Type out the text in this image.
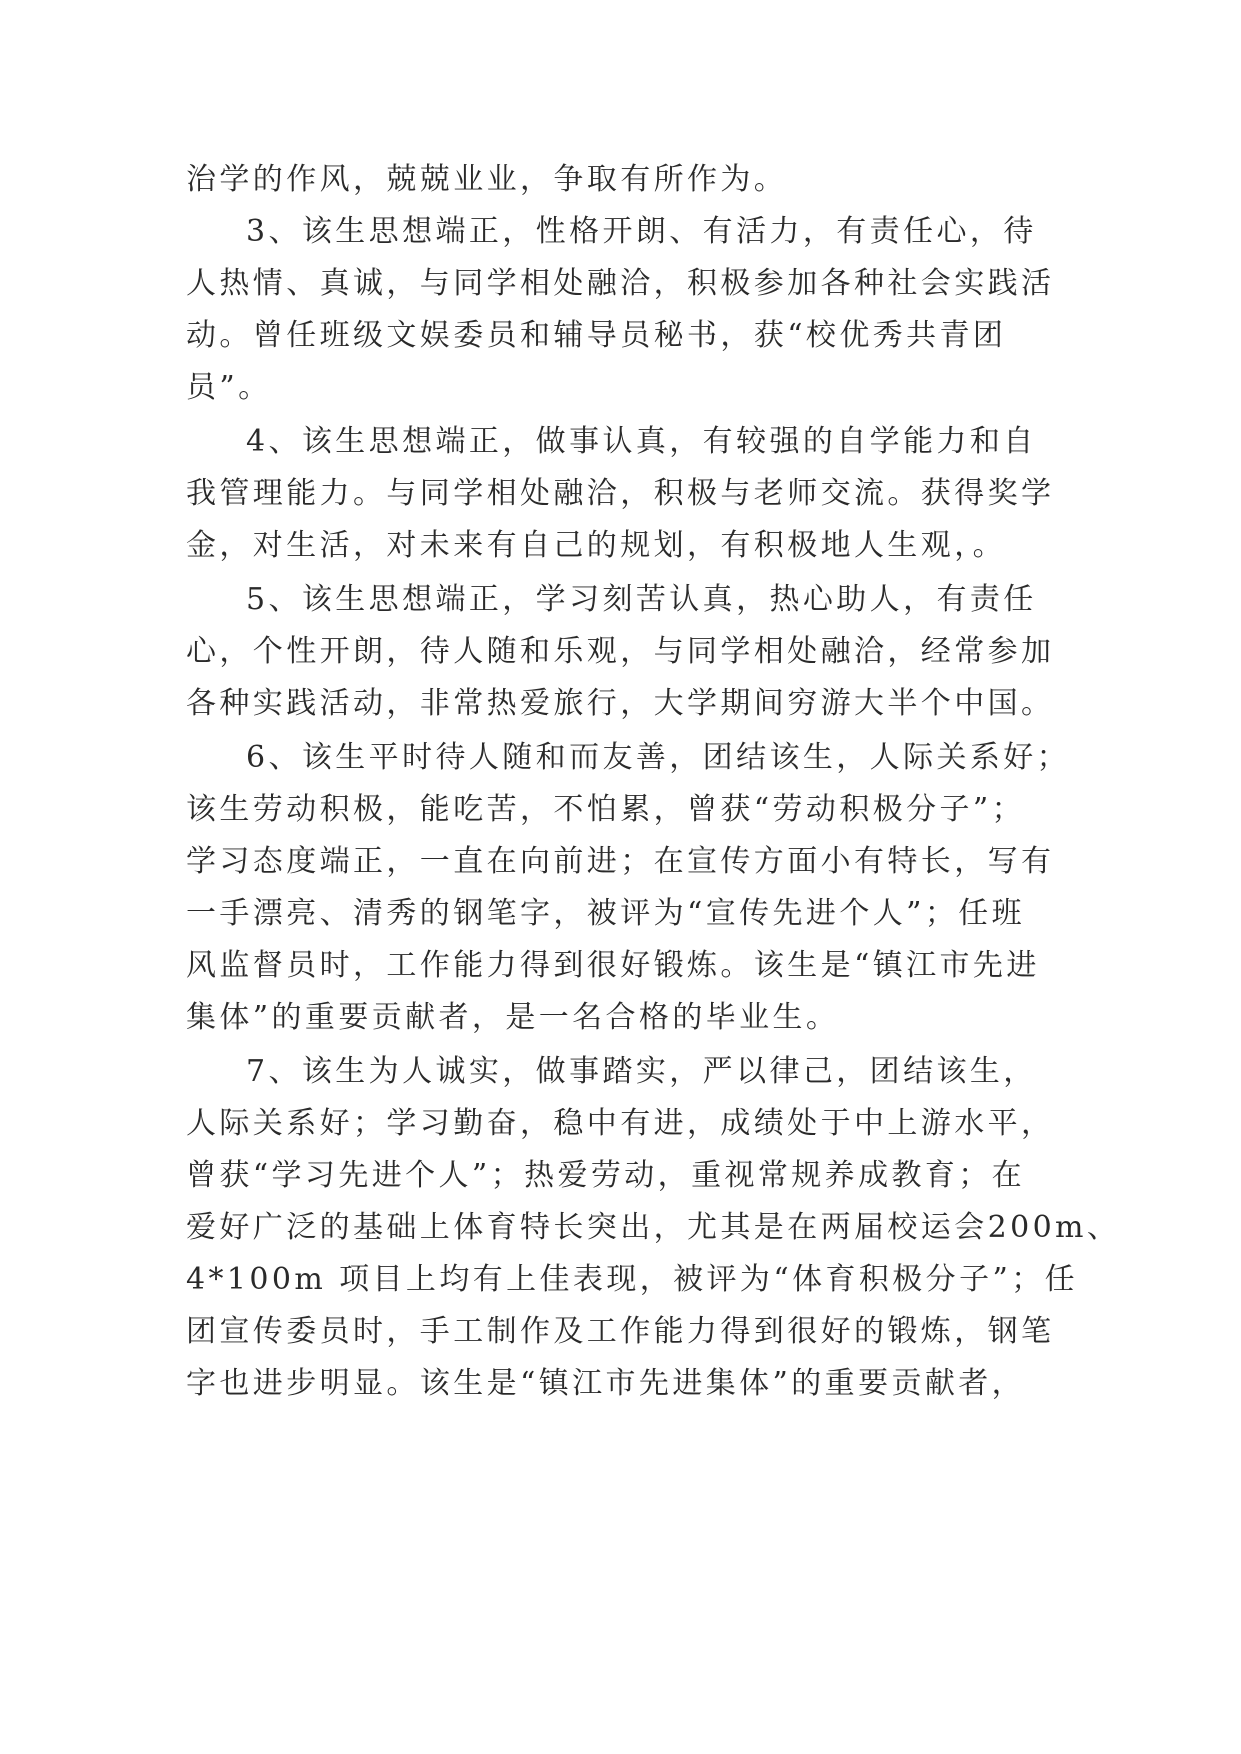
治学的作风，兢兢业业，争取有所作为。
3、该生思想端正，性格开朗、有活力，有责任心，待
人热情、真诚，与同学相处融洽，积极参加各种社会实践活
动。曾任班级文娱委员和辅导员秘书，获“校优秀共青团
员”。
4、该生思想端正，做事认真，有较强的自学能力和自
我管理能力。与同学相处融洽，积极与老师交流。获得奖学
金，对生活，对未来有自己的规划，有积极地人生观，。
5、该生思想端正，学习刻苦认真，热心助人，有责任
心，个性开朗，待人随和乐观，与同学相处融洽，经常参加
各种实践活动，非常热爱旅行，大学期间穷游大半个中国。
6、该生平时待人随和而友善，团结该生，人际关系好；
该生劳动积极，能吃苦，不怕累，曾获“劳动积极分子”；
学习态度端正，一直在向前进；在宣传方面小有特长，写有
一手漂亮、清秀的钢笔字，被评为“宣传先进个人”；任班
风监督员时，工作能力得到很好锻炼。该生是“镇江市先进
集体”的重要贡献者，是一名合格的毕业生。
7、该生为人诚实，做事踏实，严以律己，团结该生，
人际关系好；学习勤奋，稳中有进，成绩处于中上游水平，
曾获“学习先进个人”；热爱劳动，重视常规养成教育；在
爱好广泛的基础上体育特长突出，尤其是在两届校运会200m、
4*100m 项目上均有上佳表现，被评为“体育积极分子”；任
团宣传委员时，手工制作及工作能力得到很好的锻炼，钢笔
字也进步明显。该生是“镇江市先进集体”的重要贡献者，
